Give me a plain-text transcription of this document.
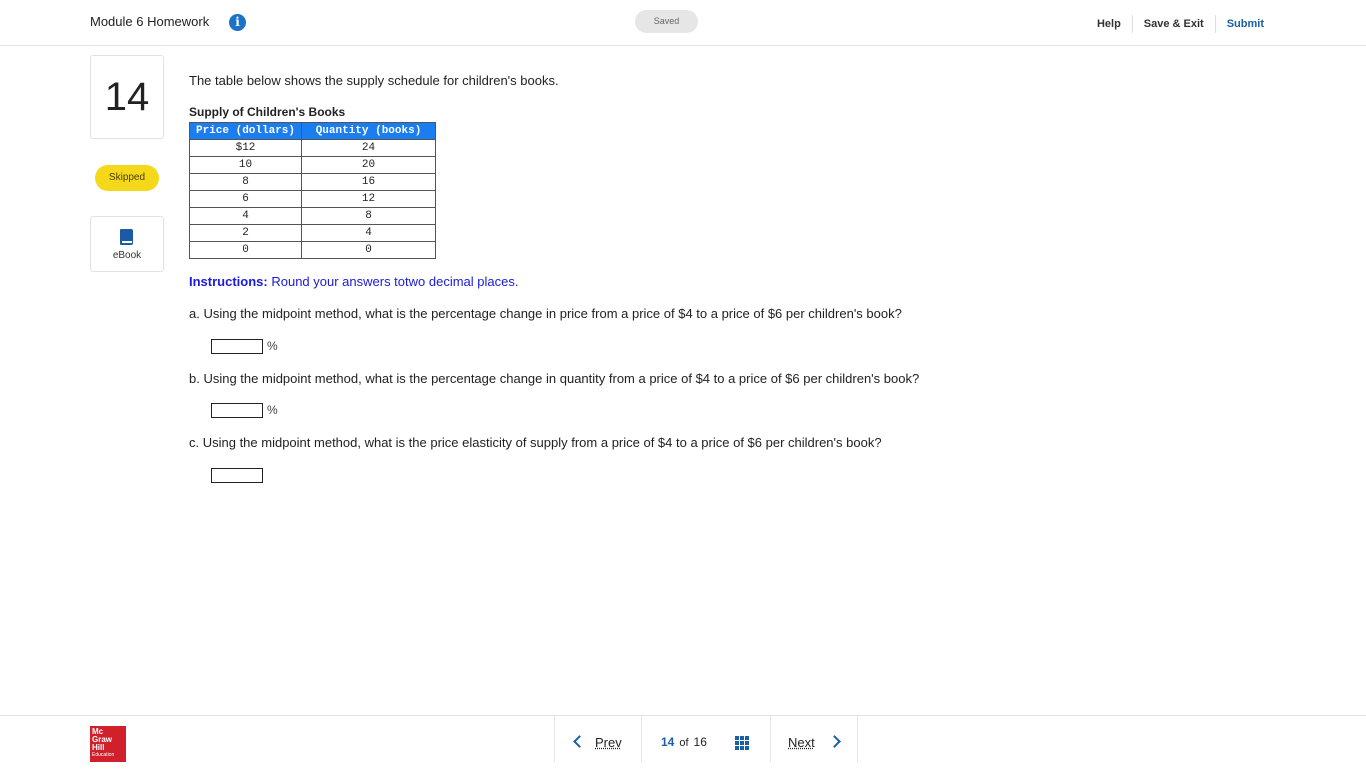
Module 6 Homework	i	Saved	Help	Save & Exit	Submit
14
Skipped
eBook
The table below shows the supply schedule for children's books.
Supply of Children's Books
Price (dollars)	Quantity (books)
$12	24
10	20
8	16
6	12
4	8
2	4
0	0
Instructions: Round your answers totwo decimal places.
a. Using the midpoint method, what is the percentage change in price from a price of $4 to a price of $6 per children's book?
%
b. Using the midpoint method, what is the percentage change in quantity from a price of $4 to a price of $6 per children's book?
%
c. Using the midpoint method, what is the price elasticity of supply from a price of $4 to a price of $6 per children's book?
Mc
Graw
Hill
Education
Prev	14 of 16	Next
